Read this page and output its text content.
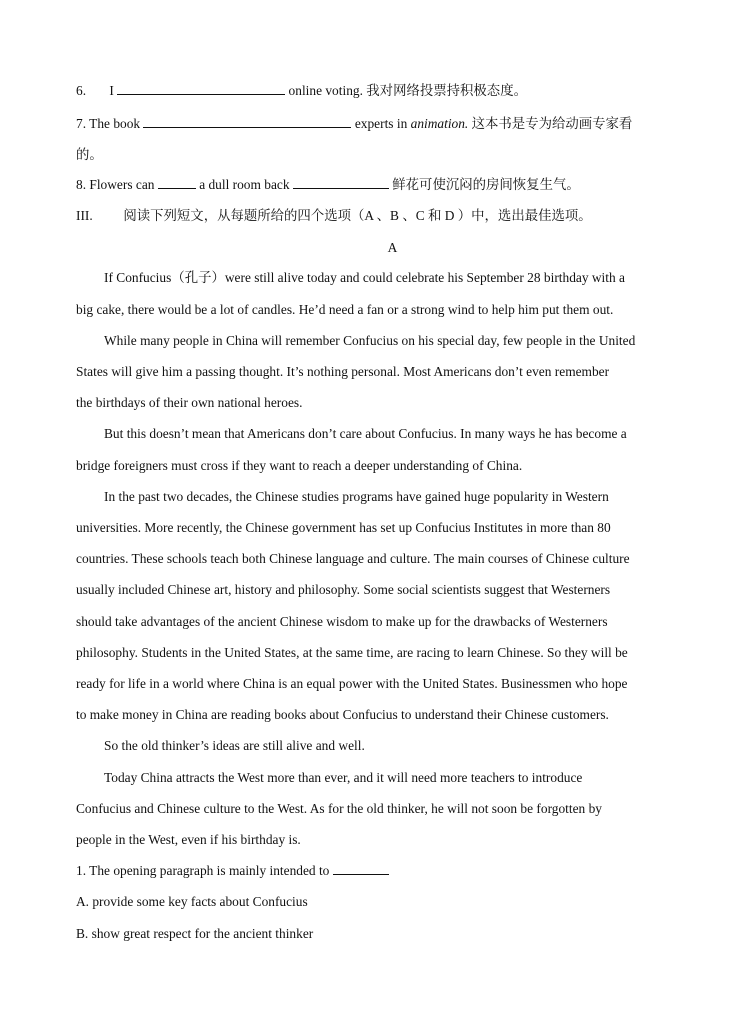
6. I	online voting. 我对网络投票持积极态度。
7. The book	experts in animation. 这本书是专为给动画专家看
的。
8. Flowers can	a dull room back	鲜花可使沉闷的房间恢复生气。
III. 阅读下列短文，从每题所给的四个选项（A 、B 、C 和 D ）中，选出最佳选项。
A
If Confucius（孔子）were still alive today and could celebrate his September 28 birthday with a
big cake, there would be a lot of candles. He’d need a fan or a strong wind to help him put them out.
While many people in China will remember Confucius on his special day, few people in the United
States will give him a passing thought. It’s nothing personal. Most Americans don’t even remember
the birthdays of their own national heroes.
But this doesn’t mean that Americans don’t care about Confucius. In many ways he has become a
bridge foreigners must cross if they want to reach a deeper understanding of China.
In the past two decades, the Chinese studies programs have gained huge popularity in Western
universities. More recently, the Chinese government has set up Confucius Institutes in more than 80
countries. These schools teach both Chinese language and culture. The main courses of Chinese culture
usually included Chinese art, history and philosophy. Some social scientists suggest that Westerners
should take advantages of the ancient Chinese wisdom to make up for the drawbacks of Westerners
philosophy. Students in the United States, at the same time, are racing to learn Chinese. So they will be
ready for life in a world where China is an equal power with the United States. Businessmen who hope
to make money in China are reading books about Confucius to understand their Chinese customers.
So the old thinker’s ideas are still alive and well.
Today China attracts the West more than ever, and it will need more teachers to introduce
Confucius and Chinese culture to the West. As for the old thinker, he will not soon be forgotten by
people in the West, even if his birthday is.
1. The opening paragraph is mainly intended to
A. provide some key facts about Confucius
B. show great respect for the ancient thinker
